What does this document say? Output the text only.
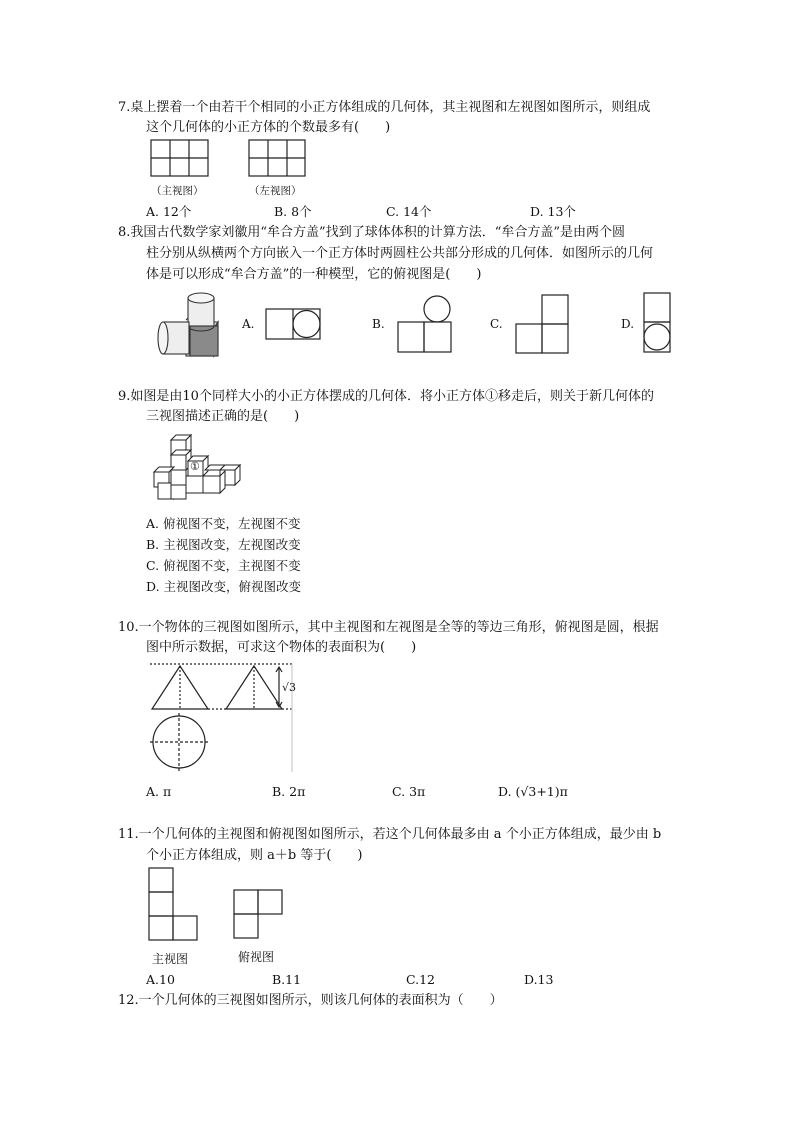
7.桌上摆着一个由若干个相同的小正方体组成的几何体，其主视图和左视图如图所示，则组成
这个几何体的小正方体的个数最多有(　　)
（主视图）	（左视图）
A. 12个	B. 8个	C. 14个	D. 13个
8.我国古代数学家刘徽用“牟合方盖”找到了球体体积的计算方法．“牟合方盖”是由两个圆
柱分别从纵横两个方向嵌入一个正方体时两圆柱公共部分形成的几何体．如图所示的几何
体是可以形成“牟合方盖”的一种模型，它的俯视图是(　　)
A.	B.	C.	D.
9.如图是由10个同样大小的小正方体摆成的几何体．将小正方体①移走后，则关于新几何体的
三视图描述正确的是(　　)
①
A. 俯视图不变，左视图不变
B. 主视图改变，左视图改变
C. 俯视图不变，主视图不变
D. 主视图改变，俯视图改变
10.一个物体的三视图如图所示，其中主视图和左视图是全等的等边三角形，俯视图是圆，根据
图中所示数据，可求这个物体的表面积为(　　)
√3
A. π	B. 2π	C. 3π	D. (√3+1)π
11.一个几何体的主视图和俯视图如图所示，若这个几何体最多由 a 个小正方体组成，最少由 b
个小正方体组成，则 a＋b 等于(　　)
主视图	俯视图
A.10	B.11	C.12	D.13
12.一个几何体的三视图如图所示，则该几何体的表面积为（　　）
